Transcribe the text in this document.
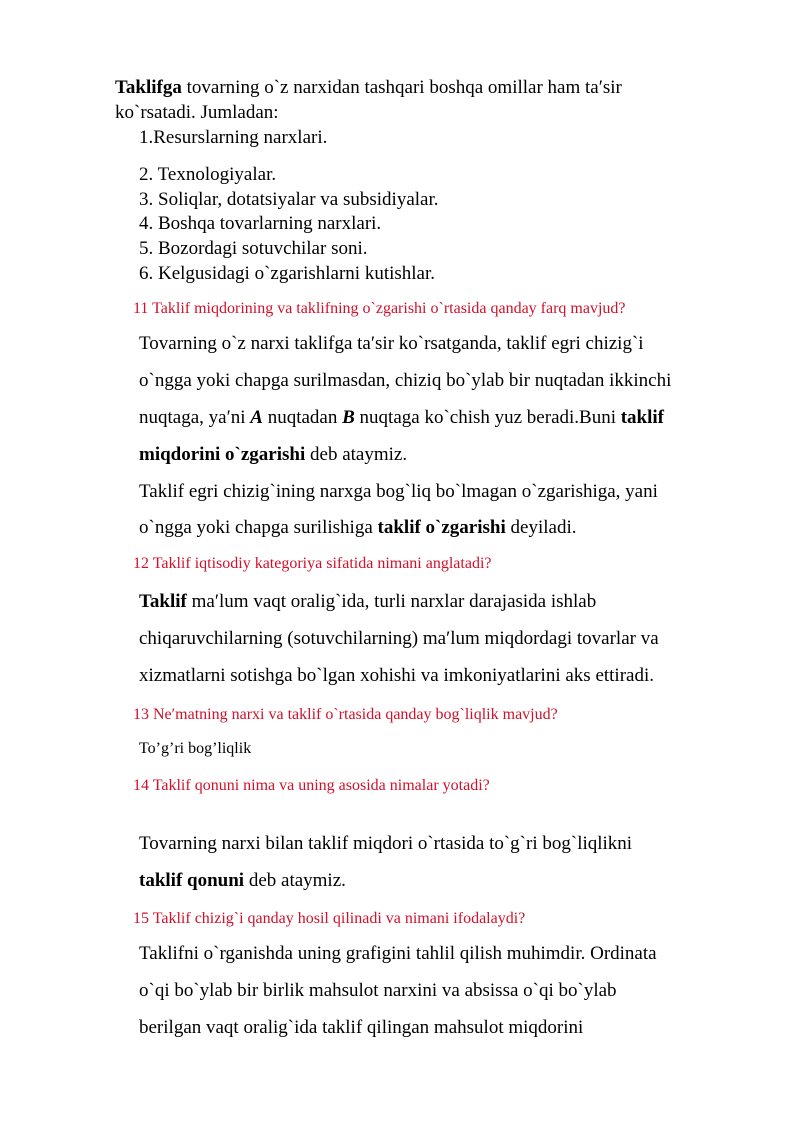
Taklifga tovarning o`z narxidan tashqari boshqa omillar ham ta′sir

ko`rsatadi. Jumladan:

1.Resurslarning narxlari.

2. Texnologiyalar.

3. Soliqlar, dotatsiyalar va subsidiyalar.

4. Boshqa tovarlarning narxlari.

5. Bozordagi sotuvchilar soni.

6. Kelgusidagi o`zgarishlarni kutishlar.

11 Taklif miqdorining va taklifning o`zgarishi o`rtasida qanday farq mavjud?

Tovarning o`z narxi taklifga ta′sir ko`rsatganda, taklif egri chizig`i

o`ngga yoki chapga surilmasdan, chiziq bo`ylab bir nuqtadan ikkinchi

nuqtaga, ya′ni A nuqtadan B nuqtaga ko`chish yuz beradi.Buni taklif

miqdorini o`zgarishi deb ataymiz.

Taklif egri chizig`ining narxga bog`liq bo`lmagan o`zgarishiga, yani

o`ngga yoki chapga surilishiga taklif o`zgarishi deyiladi.

12 Taklif iqtisodiy kategoriya sifatida nimani anglatadi?

Taklif ma′lum vaqt oralig`ida, turli narxlar darajasida ishlab

chiqaruvchilarning (sotuvchilarning) ma′lum miqdordagi tovarlar va

xizmatlarni sotishga bo`lgan xohishi va imkoniyatlarini aks ettiradi.

13 Ne′matning narxi va taklif o`rtasida qanday bog`liqlik mavjud?

To’g’ri bog’liqlik

14 Taklif qonuni nima va uning asosida nimalar yotadi?

Tovarning narxi bilan taklif miqdori o`rtasida to`g`ri bog`liqlikni

taklif qonuni deb ataymiz.

15 Taklif chizig`i qanday hosil qilinadi va nimani ifodalaydi?

Taklifni o`rganishda uning grafigini tahlil qilish muhimdir. Ordinata

o`qi bo`ylab bir birlik mahsulot narxini va absissa o`qi bo`ylab

berilgan vaqt oralig`ida taklif qilingan mahsulot miqdorini
